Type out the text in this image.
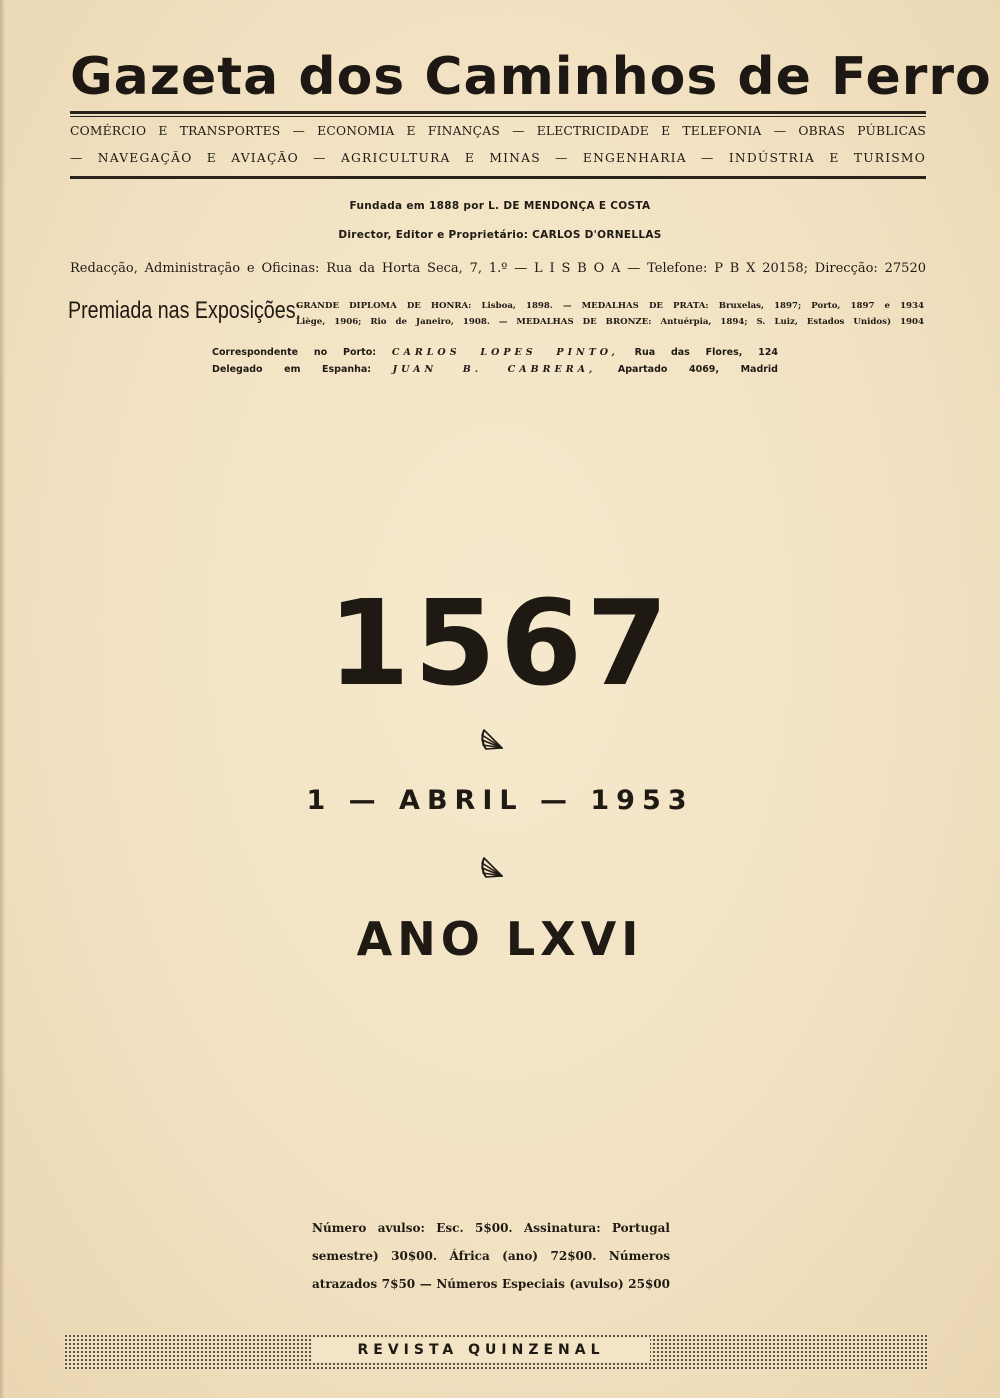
Gazeta dos Caminhos de Ferro

COMÉRCIO E TRANSPORTES — ECONOMIA E FINANÇAS — ELECTRICIDADE E TELEFONIA — OBRAS PÚBLICAS

— NAVEGAÇÃO E AVIAÇÃO — AGRICULTURA E MINAS — ENGENHARIA — INDÚSTRIA E TURISMO

Fundada em 1888 por L. DE MENDONÇA E COSTA

Director, Editor e Proprietário: CARLOS D'ORNELLAS

Redacção, Administração e Oficinas: Rua da Horta Seca, 7, 1.º — L I S B O A — Telefone: P B X 20158; Direcção: 27520

Premiada nas Exposições:

GRANDE DIPLOMA DE HONRA: Lisboa, 1898. — MEDALHAS DE PRATA: Bruxelas, 1897; Porto, 1897 e 1934

Liège, 1906; Rio de Janeiro, 1908. — MEDALHAS DE BRONZE: Antuérpia, 1894; S. Luiz, Estados Unidos) 1904

Correspondente no Porto: CARLOS LOPES PINTO, Rua das Flores, 124

Delegado em Espanha: JUAN B. CABRERA, Apartado 4069, Madrid

1567

1 — ABRIL — 1953

ANO LXVI

Número avulso: Esc. 5$00. Assinatura: Portugal

semestre) 30$00. África (ano) 72$00. Números

atrazados 7$50 — Números Especiais (avulso) 25$00

REVISTA QUINZENAL
